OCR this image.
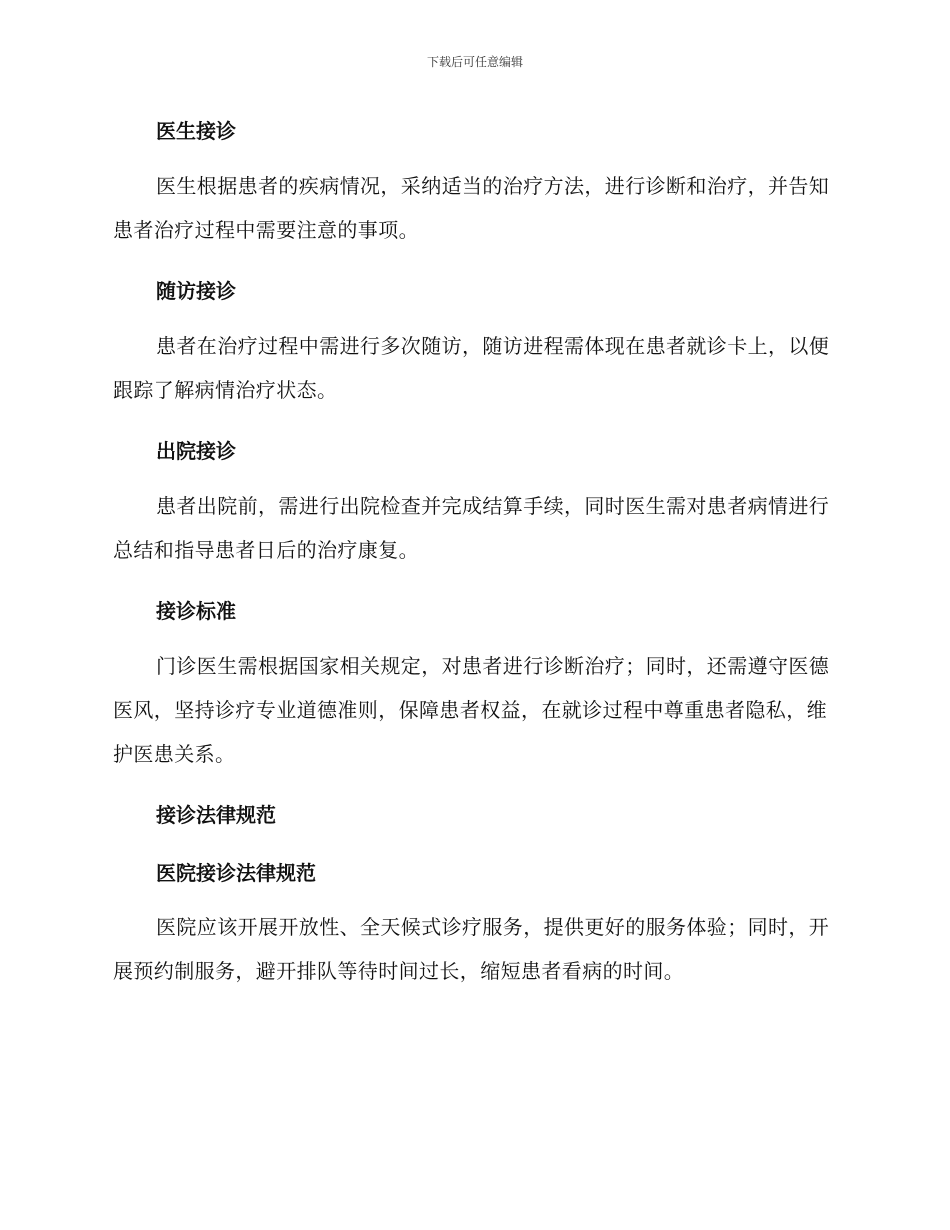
下载后可任意编辑
医生接诊
医生根据患者的疾病情况，采纳适当的治疗方法，进行诊断和治疗，并告知患者治疗过程中需要注意的事项。
随访接诊
患者在治疗过程中需进行多次随访，随访进程需体现在患者就诊卡上，以便跟踪了解病情治疗状态。
出院接诊
患者出院前，需进行出院检查并完成结算手续，同时医生需对患者病情进行总结和指导患者日后的治疗康复。
接诊标准
门诊医生需根据国家相关规定，对患者进行诊断治疗；同时，还需遵守医德医风，坚持诊疗专业道德准则，保障患者权益，在就诊过程中尊重患者隐私，维护医患关系。
接诊法律规范
医院接诊法律规范
医院应该开展开放性、全天候式诊疗服务，提供更好的服务体验；同时，开展预约制服务，避开排队等待时间过长，缩短患者看病的时间。
